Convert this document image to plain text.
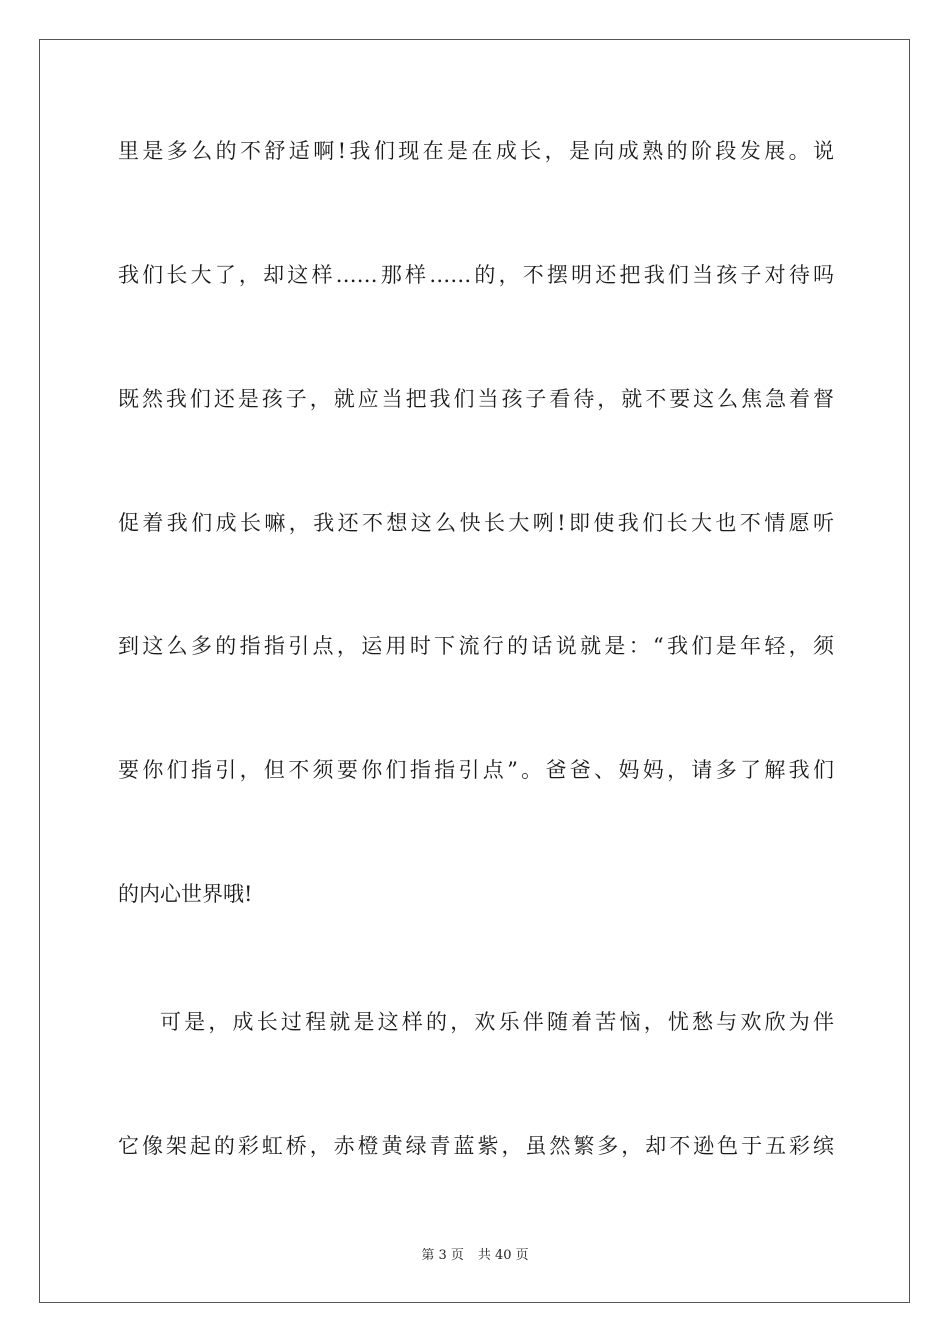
里是多么的不舒适啊!我们现在是在成长，是向成熟的阶段发展。说
我们长大了，却这样……那样……的，不摆明还把我们当孩子对待吗
既然我们还是孩子，就应当把我们当孩子看待，就不要这么焦急着督
促着我们成长嘛，我还不想这么快长大咧!即使我们长大也不情愿听
到这么多的指指引点，运用时下流行的话说就是：“我们是年轻，须
要你们指引，但不须要你们指指引点”。爸爸、妈妈，请多了解我们
的内心世界哦!
可是，成长过程就是这样的，欢乐伴随着苦恼，忧愁与欢欣为伴
它像架起的彩虹桥，赤橙黄绿青蓝紫，虽然繁多，却不逊色于五彩缤
第 3 页 共 40 页
